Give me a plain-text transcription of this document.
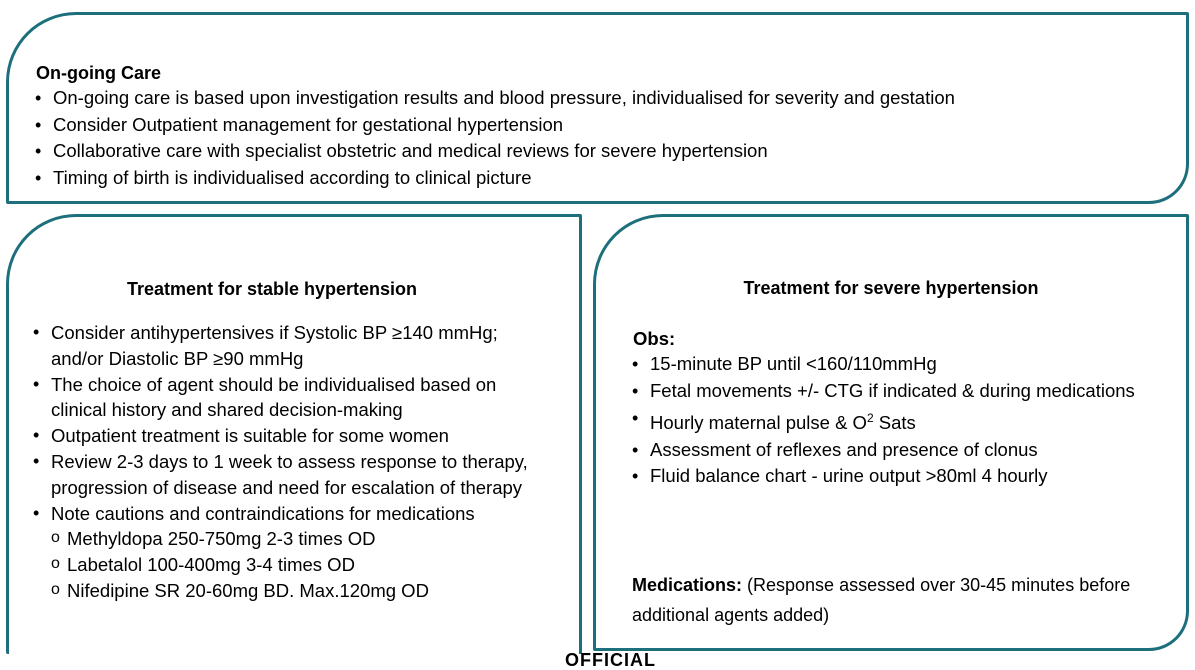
On-going Care
• On-going care is based upon investigation results and blood pressure, individualised for severity and gestation
• Consider Outpatient management for gestational hypertension
• Collaborative care with specialist obstetric and medical reviews for severe hypertension
• Timing of birth is individualised according to clinical picture
Treatment for stable hypertension
• Consider antihypertensives if Systolic BP ≥140 mmHg; and/or Diastolic BP ≥90 mmHg
• The choice of agent should be individualised based on clinical history and shared decision-making
• Outpatient treatment is suitable for some women
• Review 2-3 days to 1 week to assess response to therapy, progression of disease and need for escalation of therapy
• Note cautions and contraindications for medications
o Methyldopa 250-750mg 2-3 times OD
o Labetalol 100-400mg 3-4 times OD
o Nifedipine SR 20-60mg BD. Max.120mg OD
Treatment for severe hypertension
Obs:
• 15-minute BP until <160/110mmHg
• Fetal movements +/- CTG if indicated & during medications
• Hourly maternal pulse & $O^2$ Sats
• Assessment of reflexes and presence of clonus
• Fluid balance chart - urine output >80ml 4 hourly
Medications: (Response assessed over 30-45 minutes before additional agents added)
OFFICIAL
